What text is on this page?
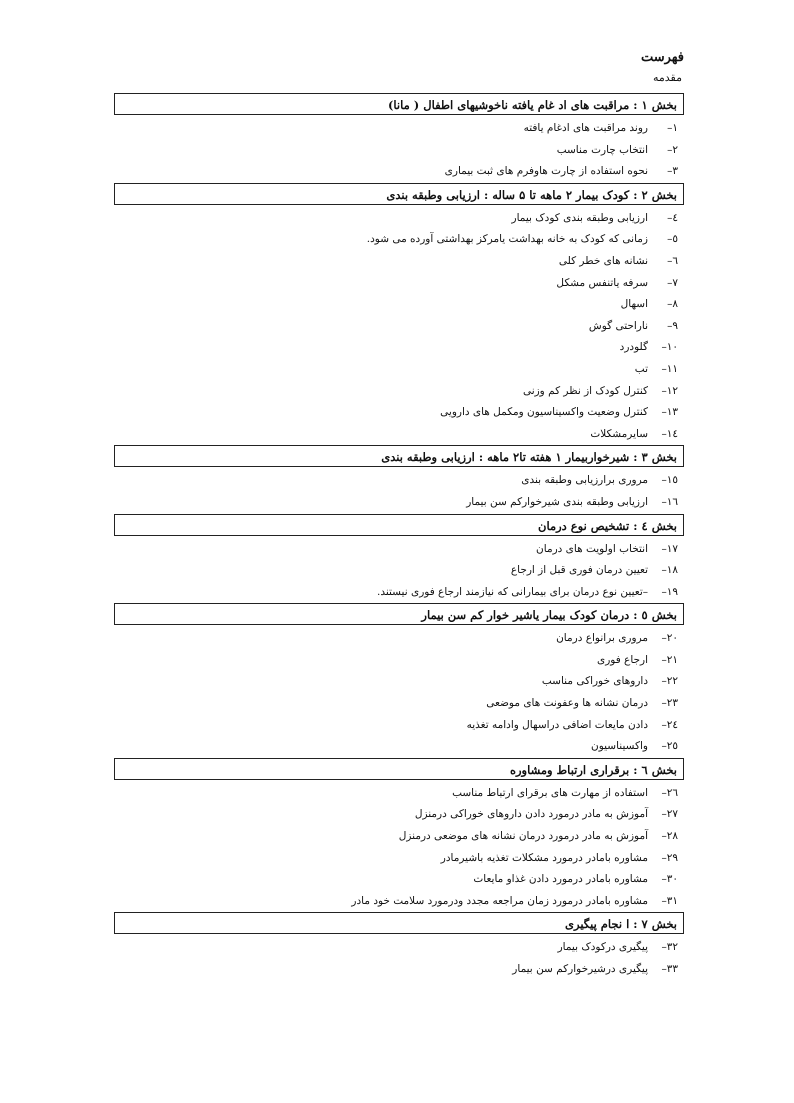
فهرست
مقدمه
بخش ۱ : مراقبت های اد غام یافته ناخوشیهای اطفال ( مانا)
۱–روند مراقبت های ادغام یافته
۲–انتخاب چارت مناسب
۳–نحوه استفاده از چارت هاوفرم های ثبت بیماری
بخش ۲ : کودک بیمار ۲ ماهه تا ۵ ساله : ارزیابی وطبقه بندی
٤–ارزیابی وطبقه بندی کودک بیمار
٥–زمانی که کودک به خانه بهداشت یامرکز بهداشتی آورده می شود.
٦–نشانه های خطر کلی
۷–سرفه یاتنفس مشکل
۸–اسهال
۹–ناراحتی گوش
۱۰–گلودرد
۱۱–تب
۱۲–کنترل کودک از نظر کم وزنی
۱۳–کنترل وضعیت واکسیناسیون ومکمل های دارویی
۱٤–سایرمشکلات
بخش ۳ : شیرخواربیمار ۱ هفته تا۲ ماهه : ارزیابی وطبقه بندی
۱٥–مروری برارزیابی وطبقه بندی
۱٦–ارزیابی وطبقه بندی شیرخوارکم سن بیمار
بخش ٤ : تشخیص نوع درمان
۱۷–انتخاب اولویت های درمان
۱۸–تعیین درمان فوری قبل از ارجاع
۱۹––تعیین نوع درمان برای بیمارانی که نیازمند ارجاع فوری نیستند.
بخش ٥ : درمان کودک بیمار یاشیر خوار کم سن بیمار
۲۰–مروری برانواع درمان
۲۱–ارجاع فوری
۲۲–داروهای خوراکی مناسب
۲۳–درمان نشانه ها وعفونت های موضعی
۲٤–دادن مایعات اضافی دراسهال وادامه تغذیه
۲٥–واکسیناسیون
بخش ٦ : برقراری ارتباط ومشاوره
۲٦–استفاده از مهارت های برقرای ارتباط مناسب
۲۷–آموزش به مادر درمورد دادن داروهای خوراکی درمنزل
۲۸–آموزش به مادر درمورد درمان نشانه های موضعی درمنزل
۲۹–مشاوره بامادر درمورد مشکلات تغذیه باشیرمادر
۳۰–مشاوره بامادر درمورد دادن غذاو مایعات
۳۱–مشاوره بامادر درمورد زمان مراجعه مجدد ودرمورد سلامت خود مادر
بخش ۷ : ا نجام پیگیری
۳۲–پیگیری درکودک بیمار
۳۳–پیگیری درشیرخوارکم سن بیمار
